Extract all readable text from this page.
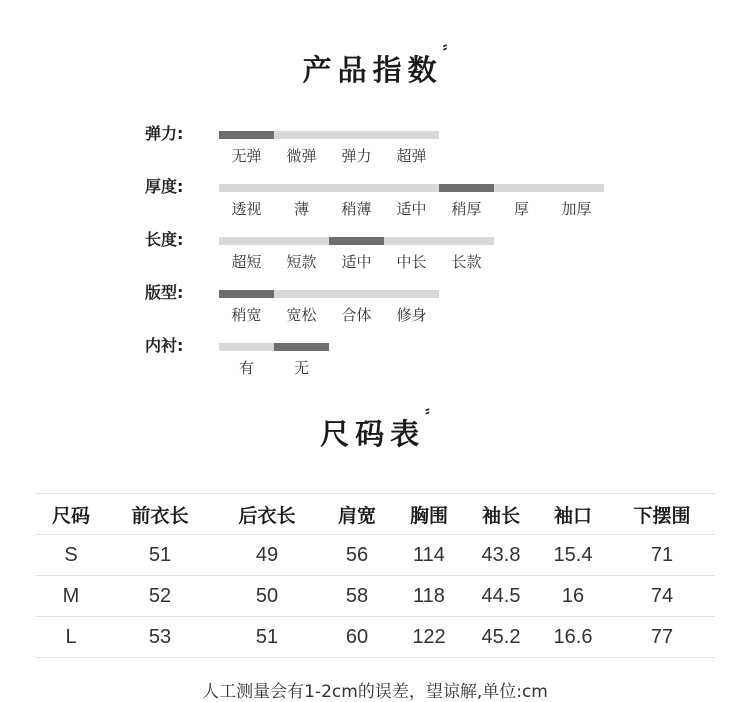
产品指数⸗
弹力:
无弹	微弹	弹力	超弹
厚度:
透视	薄	稍薄	适中	稍厚	厚	加厚
长度:
超短	短款	适中	中长	长款
版型:
稍宽	宽松	合体	修身
内衬:
有	无
尺码表⸗
尺码	前衣长	后衣长	肩宽	胸围	袖长	袖口	下摆围
S	51	49	56	114	43.8	15.4	71
M	52	50	58	118	44.5	16	74
L	53	51	60	122	45.2	16.6	77
人工测量会有1-2cm的误差，望谅解,单位:cm
